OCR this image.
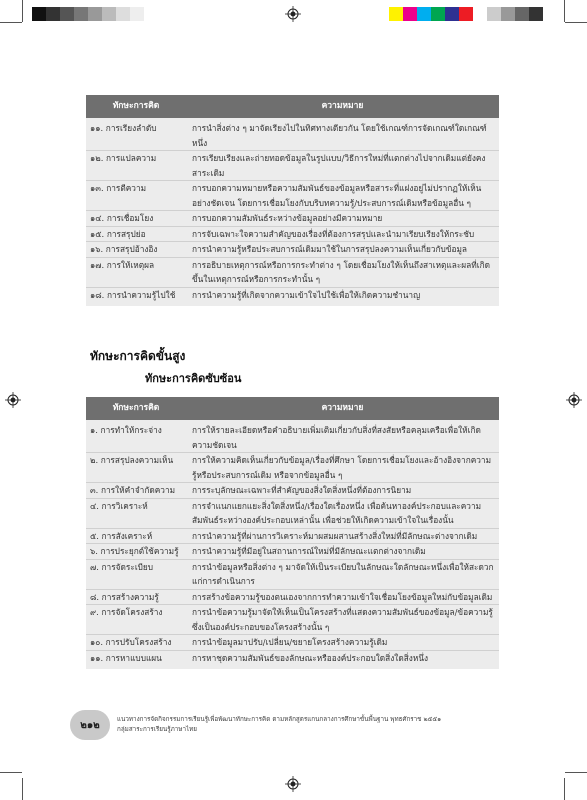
ทักษะการคิด	ความหมาย
๑๑. การเรียงลำดับ	การนำสิ่งต่าง ๆ มาจัดเรียงไปในทิศทางเดียวกัน โดยใช้เกณฑ์การจัดเกณฑ์ใดเกณฑ์หนึ่ง
๑๒. การแปลความ	การเรียบเรียงและถ่ายทอดข้อมูลในรูปแบบ/วิธีการใหม่ที่แตกต่างไปจากเดิมแต่ยังคงสาระเดิม
๑๓. การตีความ	การบอกความหมายหรือความสัมพันธ์ของข้อมูลหรือสาระที่แฝงอยู่ไม่ปรากฏให้เห็นอย่างชัดเจน โดยการเชื่อมโยงกับบริบทความรู้/ประสบการณ์เดิมหรือข้อมูลอื่น ๆ
๑๔. การเชื่อมโยง	การบอกความสัมพันธ์ระหว่างข้อมูลอย่างมีความหมาย
๑๕. การสรุปย่อ	การจับเฉพาะใจความสำคัญของเรื่องที่ต้องการสรุปและนำมาเรียบเรียงให้กระชับ
๑๖. การสรุปอ้างอิง	การนำความรู้หรือประสบการณ์เดิมมาใช้ในการสรุปลงความเห็นเกี่ยวกับข้อมูล
๑๗. การให้เหตุผล	การอธิบายเหตุการณ์หรือการกระทำต่าง ๆ โดยเชื่อมโยงให้เห็นถึงสาเหตุและผลที่เกิดขึ้นในเหตุการณ์หรือการกระทำนั้น ๆ
๑๘. การนำความรู้ไปใช้	การนำความรู้ที่เกิดจากความเข้าใจไปใช้เพื่อให้เกิดความชำนาญ
ทักษะการคิดขั้นสูง
ทักษะการคิดซับซ้อน
ทักษะการคิด	ความหมาย
๑. การทำให้กระจ่าง	การให้รายละเอียดหรือคำอธิบายเพิ่มเติมเกี่ยวกับสิ่งที่สงสัยหรือคลุมเครือเพื่อให้เกิดความชัดเจน
๒. การสรุปลงความเห็น	การให้ความคิดเห็นเกี่ยวกับข้อมูล/เรื่องที่ศึกษา โดยการเชื่อมโยงและอ้างอิงจากความรู้หรือประสบการณ์เดิม หรือจากข้อมูลอื่น ๆ
๓. การให้คำจำกัดความ	การระบุลักษณะเฉพาะที่สำคัญของสิ่งใดสิ่งหนึ่งที่ต้องการนิยาม
๔. การวิเคราะห์	การจำแนกแยกแยะสิ่งใดสิ่งหนึ่ง/เรื่องใดเรื่องหนึ่ง เพื่อค้นหาองค์ประกอบและความสัมพันธ์ระหว่างองค์ประกอบเหล่านั้น เพื่อช่วยให้เกิดความเข้าใจในเรื่องนั้น
๕. การสังเคราะห์	การนำความรู้ที่ผ่านการวิเคราะห์มาผสมผสานสร้างสิ่งใหม่ที่มีลักษณะต่างจากเดิม
๖. การประยุกต์ใช้ความรู้	การนำความรู้ที่มีอยู่ในสถานการณ์ใหม่ที่มีลักษณะแตกต่างจากเดิม
๗. การจัดระเบียบ	การนำข้อมูลหรือสิ่งต่าง ๆ มาจัดให้เป็นระเบียบในลักษณะใดลักษณะหนึ่งเพื่อให้สะดวกแก่การดำเนินการ
๘. การสร้างความรู้	การสร้างข้อความรู้ของตนเองจากการทำความเข้าใจเชื่อมโยงข้อมูลใหม่กับข้อมูลเดิม
๙. การจัดโครงสร้าง	การนำข้อความรู้มาจัดให้เห็นเป็นโครงสร้างที่แสดงความสัมพันธ์ของข้อมูล/ข้อความรู้ซึ่งเป็นองค์ประกอบของโครงสร้างนั้น ๆ
๑๐. การปรับโครงสร้าง	การนำข้อมูลมาปรับ/เปลี่ยน/ขยายโครงสร้างความรู้เดิม
๑๑. การหาแบบแผน	การหาชุดความสัมพันธ์ของลักษณะหรือองค์ประกอบใดสิ่งใดสิ่งหนึ่ง
๒๑๒	แนวทางการจัดกิจกรรมการเรียนรู้เพื่อพัฒนาทักษะการคิด ตามหลักสูตรแกนกลางการศึกษาขั้นพื้นฐาน พุทธศักราช ๒๕๕๑
กลุ่มสาระการเรียนรู้ภาษาไทย
